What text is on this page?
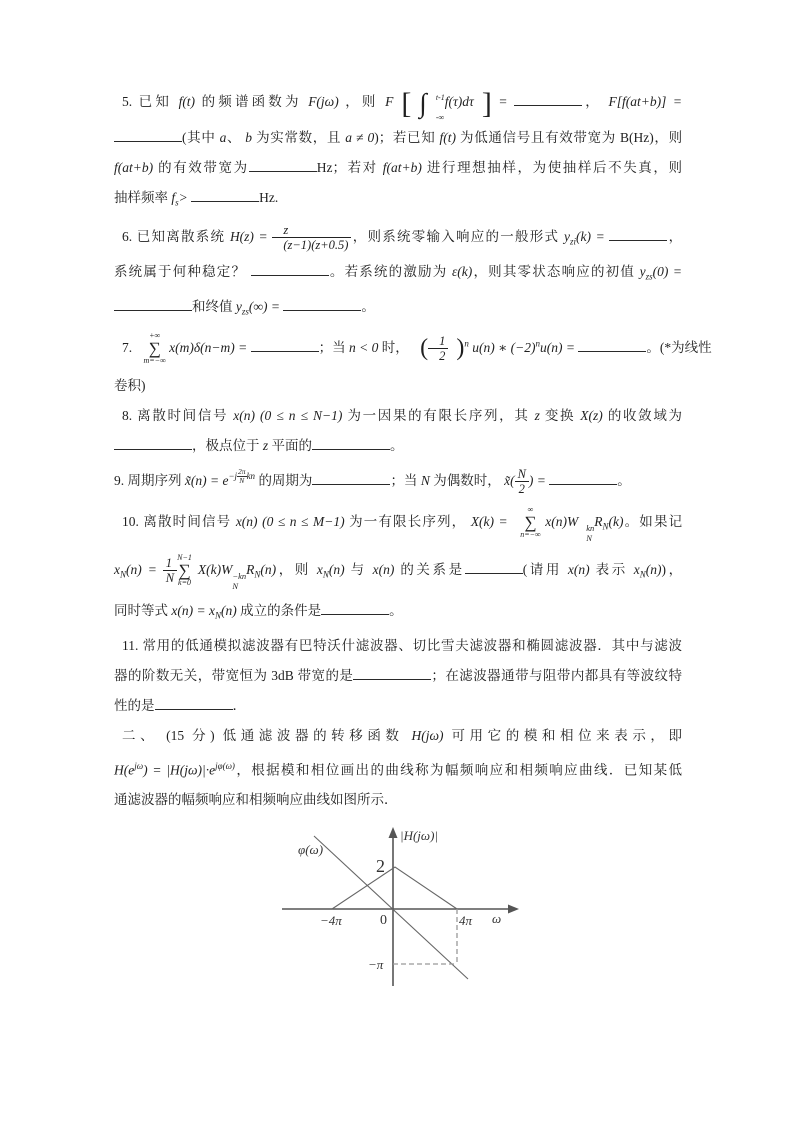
5. 已知 f(t) 的频谱函数为 F(jω) ，则 F [ ∫	t-1
-∞
f(τ)dτ ] =	， F[f(at+b)] =

(其中 a、 b 为实常数，且 a ≠ 0)；若已知 f(t) 为低通信号且有效带宽为 B(Hz)，则

f(at+b) 的有效带宽为	Hz；若对 f(at+b) 进行理想抽样，为使抽样后不失真，则

抽样频率 $f_s>$	Hz.

6. 已知离散系统 $H(z) = \frac{z}{(z-1)(z+0.5)}$ ，则系统零输入响应的一般形式 $y_{zi}(k)$ =	，

系统属于何种稳定？	。若系统的激励为 ε(k)，则其零状态响应的初值 $y_{zs}(0)$ =

和终值 $y_{zs}(\infty)$ =	。

7.
+∞
∑
m=−∞
x(m)δ(n−m) =	；当 n < 0 时， ( $\frac{1}{2} )^n$ u(n) ∗ $(-2)^nu(n)$ =	。(*为线性

卷积)

8. 离散时间信号 x(n) (0 ≤ n ≤ N−1) 为一因果的有限长序列，其 z 变换 X(z) 的收敛域为

，极点位于 z 平面的	。

9. 周期序列 x̃(n) = $e^{-j \frac{2\pi}{N} kn}$ 的周期为	；当 N 为偶数时， x̃( $\frac{N}{2}$ ) =	。

10. 离散时间信号 x(n) (0 ≤ n ≤ M−1) 为一有限长序列， X(k) =
∞
∑
n=−∞
x(n)W kn
N
$R_N(k)$。如果记

$x_N(n) = \frac{1}{N} N-1$
∑
k=0
X(k)W −kn
N
$R_N(n)$，则 $x_N(n)$ 与 x(n) 的关系是	(请用 x(n) 表示 $x_N(n)$)，

同时等式 $x(n) = x_N(n)$ 成立的条件是	。

11. 常用的低通模拟滤波器有巴特沃什滤波器、切比雪夫滤波器和椭圆滤波器．其中与滤波

器的阶数无关，带宽恒为 3dB 带宽的是	；在滤波器通带与阻带内都具有等波纹特

性的是	．

二、 (15 分) 低通滤波器的转移函数 H(jω) 可用它的模和相位来表示，即

$H(e^{j\omega}) = |H(j\omega)|\cdot e^{j\varphi(\omega)}$，根据模和相位画出的曲线称为幅频响应和相频响应曲线．已知某低

通滤波器的幅频响应和相频响应曲线如图所示．

|H(jω)|
φ(ω)
2
0
−4π	4π ω
−π
